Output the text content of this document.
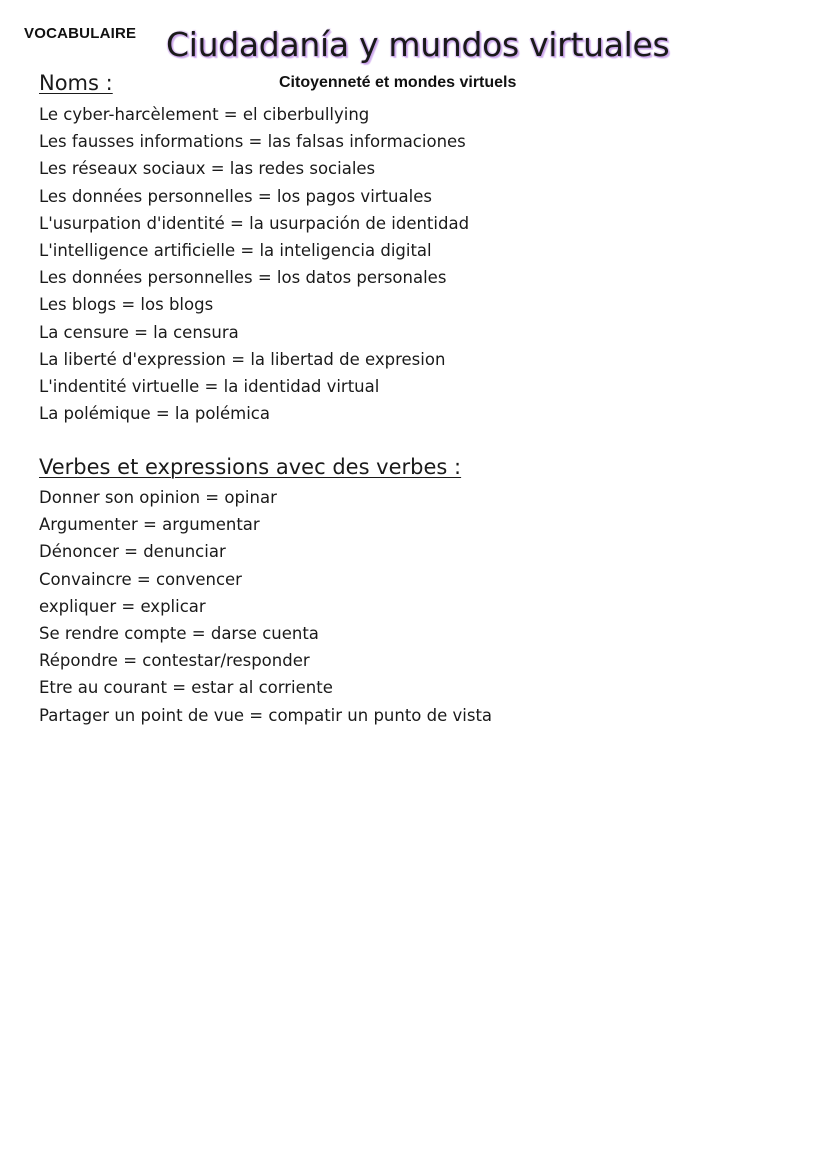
VOCABULAIRE Ciudadanía y mundos virtuales
Citoyenneté et mondes virtuels
Noms :
Le cyber-harcèlement = el ciberbullying
Les fausses informations = las falsas informaciones
Les réseaux sociaux = las redes sociales
Les données personnelles = los pagos virtuales
L'usurpation d'identité = la usurpación de identidad
L'intelligence artificielle = la inteligencia digital
Les données personnelles = los datos personales
Les blogs = los blogs
La censure = la censura
La liberté d'expression = la libertad de expresion
L'indentité virtuelle = la identidad virtual
La polémique = la polémica
Verbes et expressions avec des verbes :
Donner son opinion = opinar
Argumenter = argumentar
Dénoncer = denunciar
Convaincre = convencer
expliquer = explicar
Se rendre compte = darse cuenta
Répondre = contestar/responder
Etre au courant = estar al corriente
Partager un point de vue = compatir un punto de vista
